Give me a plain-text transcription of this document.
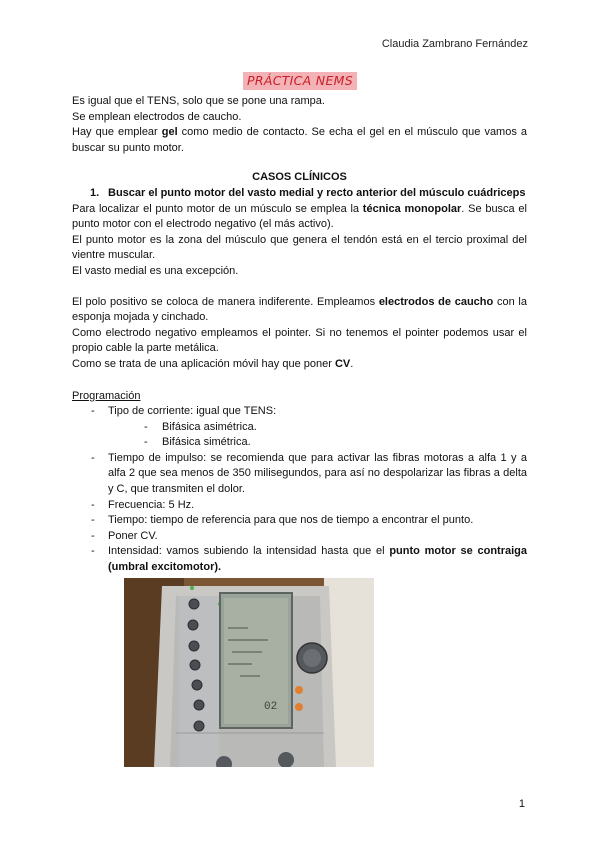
Claudia Zambrano Fernández
PRÁCTICA NEMS

Es igual que el TENS, solo que se pone una rampa.

Se emplean electrodos de caucho.

Hay que emplear gel como medio de contacto. Se echa el gel en el músculo que vamos a buscar su punto motor.

CASOS CLÍNICOS
1. Buscar el punto motor del vasto medial y recto anterior del músculo cuádriceps

Para localizar el punto motor de un músculo se emplea la técnica monopolar. Se busca el punto motor con el electrodo negativo (el más activo).

El punto motor es la zona del músculo que genera el tendón está en el tercio proximal del vientre muscular.

El vasto medial es una excepción.

El polo positivo se coloca de manera indiferente. Empleamos electrodos de caucho con la esponja mojada y cinchado.

Como electrodo negativo empleamos el pointer. Si no tenemos el pointer podemos usar el propio cable la parte metálica.

Como se trata de una aplicación móvil hay que poner CV.

Programación
- Tipo de corriente: igual que TENS:
- Bifásica asimétrica.
- Bifásica simétrica.
- Tiempo de impulso: se recomienda que para activar las fibras motoras a alfa 1 y a alfa 2 que sea menos de 350 milisegundos, para así no despolarizar las fibras a delta y C, que transmiten el dolor.
- Frecuencia: 5 Hz.
- Tiempo: tiempo de referencia para que nos de tiempo a encontrar el punto.
- Poner CV.
- Intensidad: vamos subiendo la intensidad hasta que el punto motor se contraiga (umbral excitomotor).
02
1
